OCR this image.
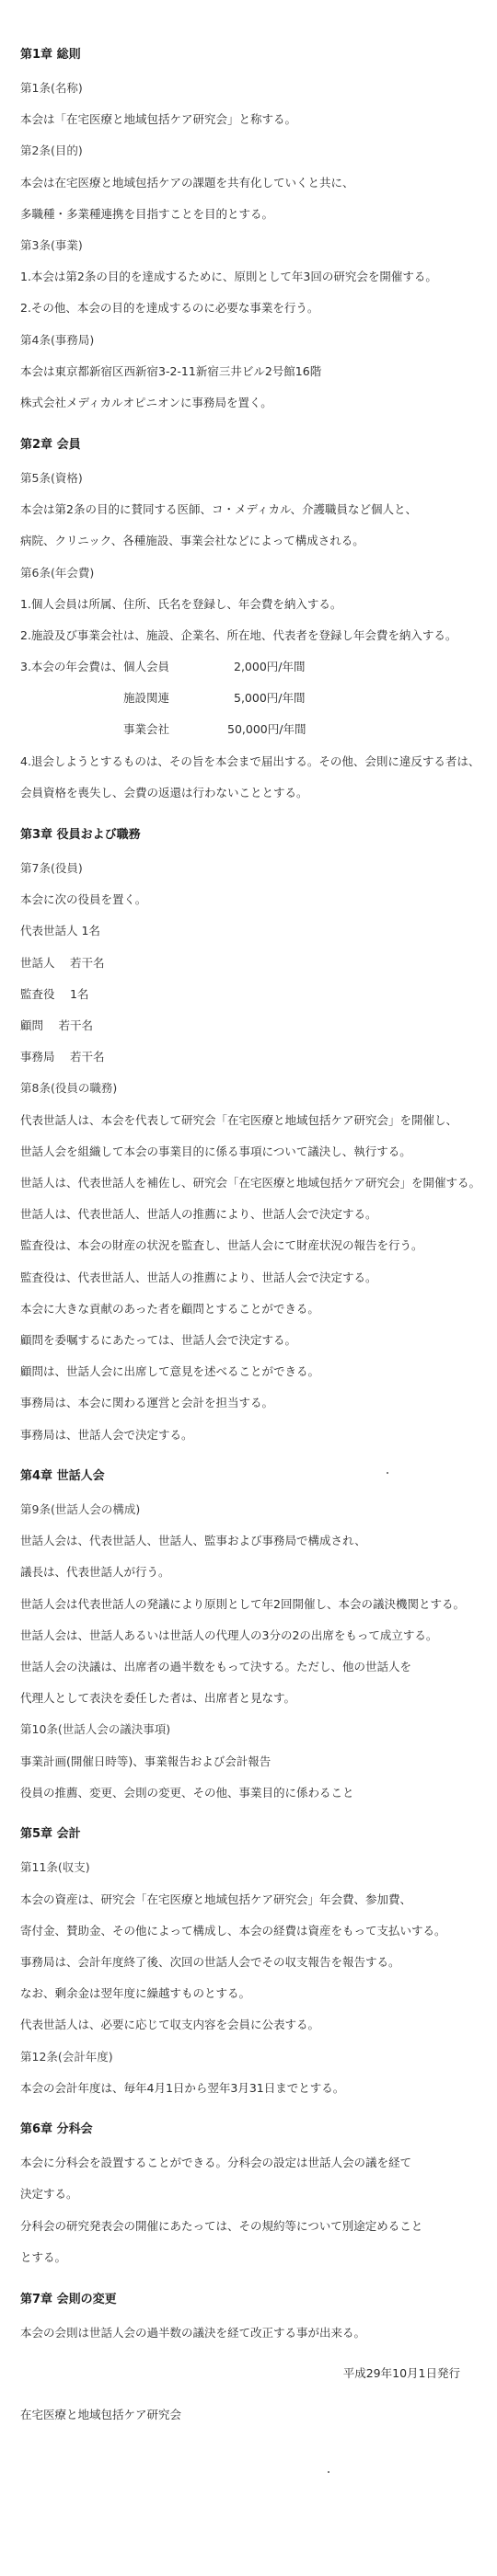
第1章 総則
第1条(名称)
本会は「在宅医療と地域包括ケア研究会」と称する。
第2条(目的)
本会は在宅医療と地域包括ケアの課題を共有化していくと共に、
多職種・多業種連携を目指すことを目的とする。
第3条(事業)
1.本会は第2条の目的を達成するために、原則として年3回の研究会を開催する。
2.その他、本会の目的を達成するのに必要な事業を行う。
第4条(事務局)
本会は東京都新宿区西新宿3-2-11新宿三井ビル2号館16階
株式会社メディカルオピニオンに事務局を置く。
第2章 会員
第5条(資格)
本会は第2条の目的に賛同する医師、コ・メディカル、介護職員など個人と、
病院、クリニック、各種施設、事業会社などによって構成される。
第6条(年会費)
1.個人会員は所属、住所、氏名を登録し、年会費を納入する。
2.施設及び事業会社は、施設、企業名、所在地、代表者を登録し年会費を納入する。
3.本会の年会費は、 個人会員	2,000円/年間
施設関連	5,000円/年間
事業会社	50,000円/年間
4.退会しようとするものは、その旨を本会まで届出する。その他、会則に違反する者は、
会員資格を喪失し、会費の返還は行わないこととする。
第3章 役員および職務
第7条(役員)
本会に次の役員を置く。
代表世話人 1名
世話人　 若干名
監査役　 1名
顧問　 若干名
事務局　 若干名
第8条(役員の職務)
代表世話人は、本会を代表して研究会「在宅医療と地域包括ケア研究会」を開催し、
世話人会を組織して本会の事業目的に係る事項について議決し、執行する。
世話人は、代表世話人を補佐し、研究会「在宅医療と地域包括ケア研究会」を開催する。
世話人は、代表世話人、世話人の推薦により、世話人会で決定する。
監査役は、本会の財産の状況を監査し、世話人会にて財産状況の報告を行う。
監査役は、代表世話人、世話人の推薦により、世話人会で決定する。
本会に大きな貢献のあった者を顧問とすることができる。
顧問を委嘱するにあたっては、世話人会で決定する。
顧問は、世話人会に出席して意見を述べることができる。
事務局は、本会に関わる運営と会計を担当する。
事務局は、世話人会で決定する。
第4章 世話人会
第9条(世話人会の構成)
世話人会は、代表世話人、世話人、監事および事務局で構成され、
議長は、代表世話人が行う。
世話人会は代表世話人の発議により原則として年2回開催し、本会の議決機関とする。
世話人会は、世話人あるいは世話人の代理人の3分の2の出席をもって成立する。
世話人会の決議は、出席者の過半数をもって決する。ただし、他の世話人を
代理人として表決を委任した者は、出席者と見なす。
第10条(世話人会の議決事項)
事業計画(開催日時等)、事業報告および会計報告
役員の推薦、変更、会則の変更、その他、事業目的に係わること
第5章 会計
第11条(収支)
本会の資産は、研究会「在宅医療と地域包括ケア研究会」年会費、参加費、
寄付金、賛助金、その他によって構成し、本会の経費は資産をもって支払いする。
事務局は、会計年度終了後、次回の世話人会でその収支報告を報告する。
なお、剰余金は翌年度に繰越すものとする。
代表世話人は、必要に応じて収支内容を会員に公表する。
第12条(会計年度)
本会の会計年度は、毎年4月1日から翌年3月31日までとする。
第6章 分科会
本会に分科会を設置することができる。分科会の設定は世話人会の議を経て
決定する。
分科会の研究発表会の開催にあたっては、その規約等について別途定めること
とする。
第7章 会則の変更
本会の会則は世話人会の過半数の議決を経て改正する事が出来る。
平成29年10月1日発行
在宅医療と地域包括ケア研究会
